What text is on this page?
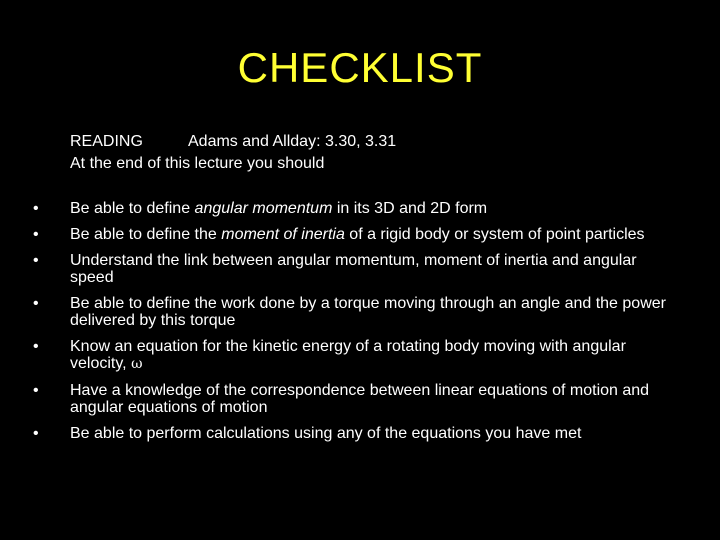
CHECKLIST
READING	Adams and Allday: 3.30, 3.31
At the end of this lecture you should
• Be able to define angular momentum in its 3D and 2D form
• Be able to define the moment of inertia of a rigid body or system of point particles
• Understand the link between angular momentum, moment of inertia and angular speed
• Be able to define the work done by a torque moving through an angle and the power delivered by this torque
• Know an equation for the kinetic energy of a rotating body moving with angular velocity, ω
• Have a knowledge of the correspondence between linear equations of motion and angular equations of motion
• Be able to perform calculations using any of the equations you have met
